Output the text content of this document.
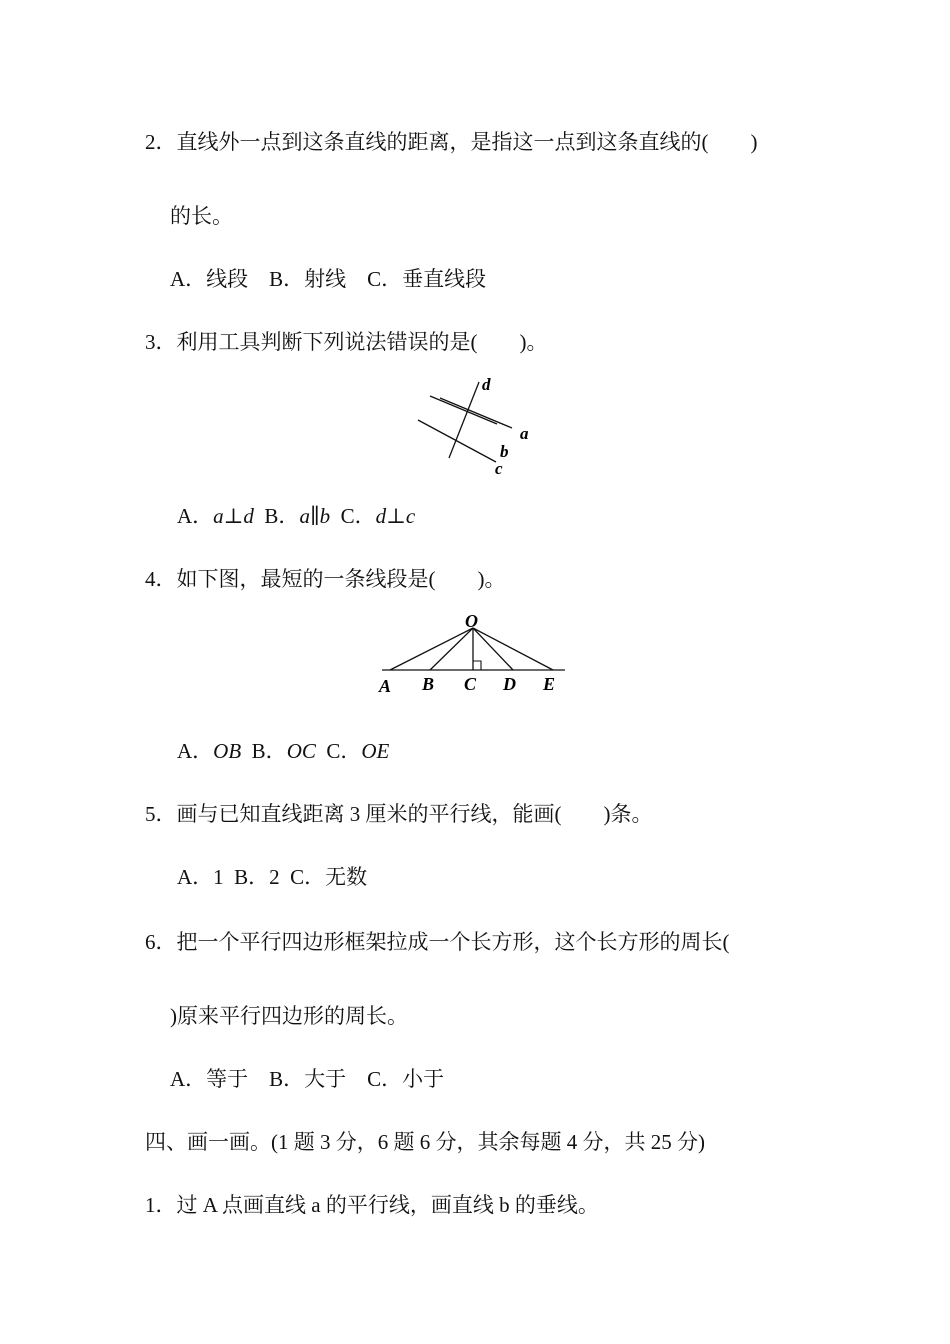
2．直线外一点到这条直线的距离，是指这一点到这条直线的(　　)
的长。
A．线段　B．射线　C．垂直线段
3．利用工具判断下列说法错误的是(　　)。
d
a
b
c
A．a⊥d B．a∥b C．d⊥c
4．如下图，最短的一条线段是(　　)。
O
A B C D E
A．OB B．OC C．OE
5．画与已知直线距离 3 厘米的平行线，能画(　　)条。
A．1  B．2  C．无数
6．把一个平行四边形框架拉成一个长方形，这个长方形的周长(
)原来平行四边形的周长。
A．等于　B．大于　C．小于
四、画一画。(1 题 3 分，6 题 6 分，其余每题 4 分，共 25 分)
1．过 A 点画直线 a 的平行线，画直线 b 的垂线。
